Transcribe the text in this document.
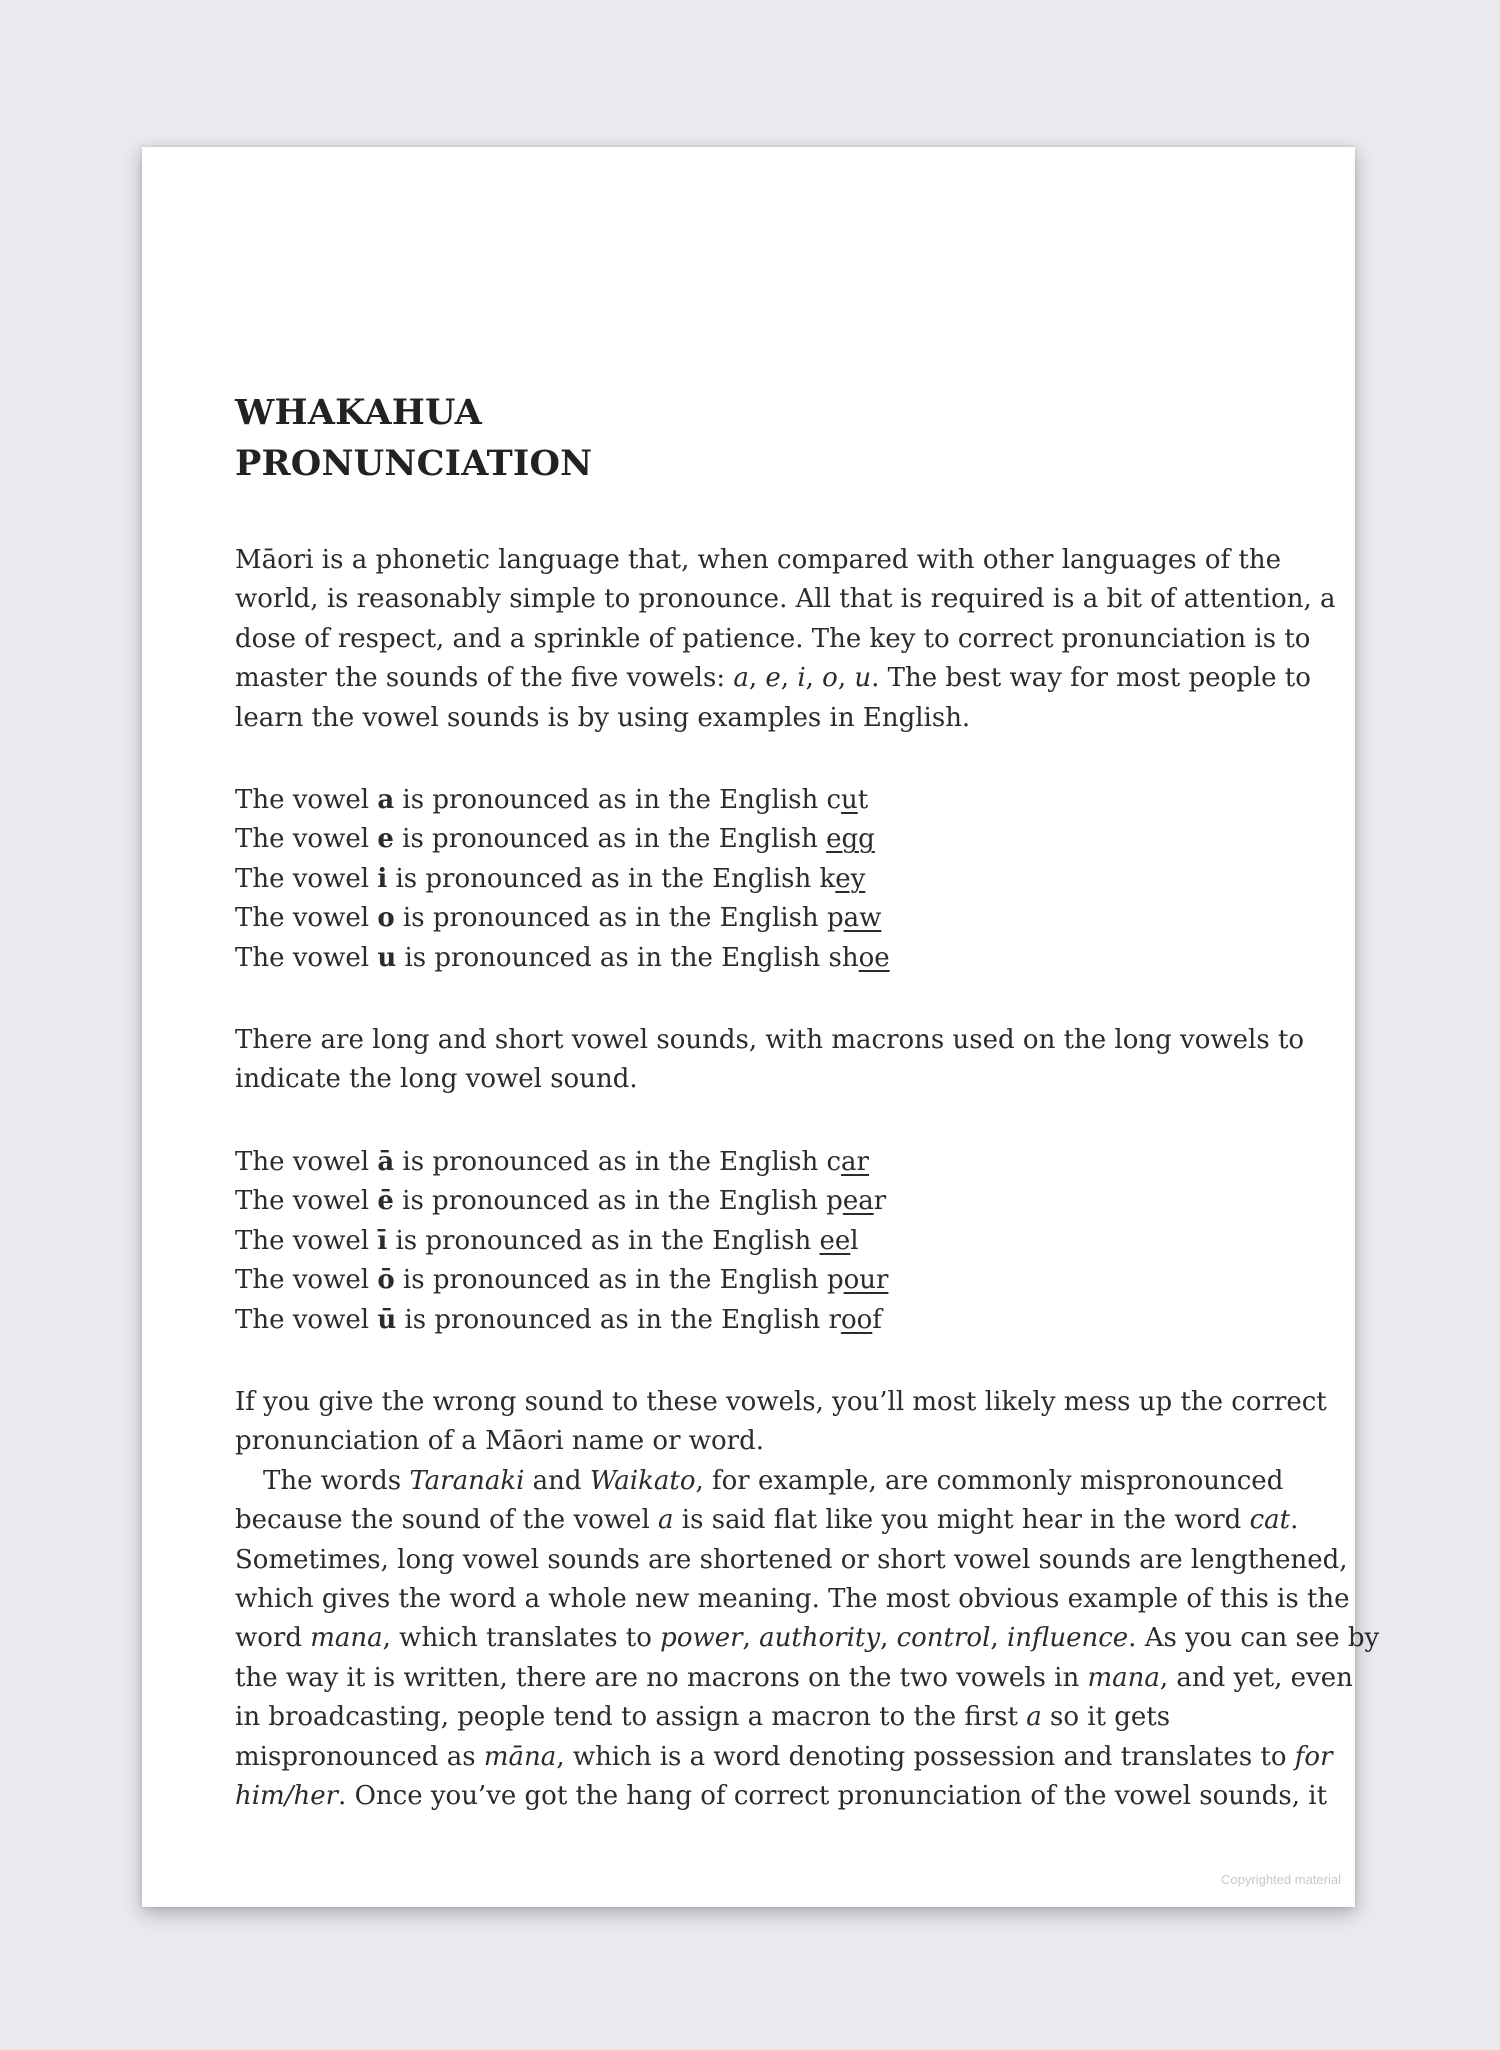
WHAKAHUA
PRONUNCIATION
Māori is a phonetic language that, when compared with other languages of the
world, is reasonably simple to pronounce. All that is required is a bit of attention, a
dose of respect, and a sprinkle of patience. The key to correct pronunciation is to
master the sounds of the five vowels: a, e, i, o, u. The best way for most people to
learn the vowel sounds is by using examples in English.
The vowel a is pronounced as in the English cut
The vowel e is pronounced as in the English egg
The vowel i is pronounced as in the English key
The vowel o is pronounced as in the English paw
The vowel u is pronounced as in the English shoe
There are long and short vowel sounds, with macrons used on the long vowels to
indicate the long vowel sound.
The vowel ā is pronounced as in the English car
The vowel ē is pronounced as in the English pear
The vowel ī is pronounced as in the English eel
The vowel ō is pronounced as in the English pour
The vowel ū is pronounced as in the English roof
If you give the wrong sound to these vowels, you’ll most likely mess up the correct
pronunciation of a Māori name or word.
The words Taranaki and Waikato, for example, are commonly mispronounced
because the sound of the vowel a is said flat like you might hear in the word cat.
Sometimes, long vowel sounds are shortened or short vowel sounds are lengthened,
which gives the word a whole new meaning. The most obvious example of this is the
word mana, which translates to power, authority, control, influence. As you can see by
the way it is written, there are no macrons on the two vowels in mana, and yet, even
in broadcasting, people tend to assign a macron to the first a so it gets
mispronounced as māna, which is a word denoting possession and translates to for
him/her. Once you’ve got the hang of correct pronunciation of the vowel sounds, it
Copyrighted material
